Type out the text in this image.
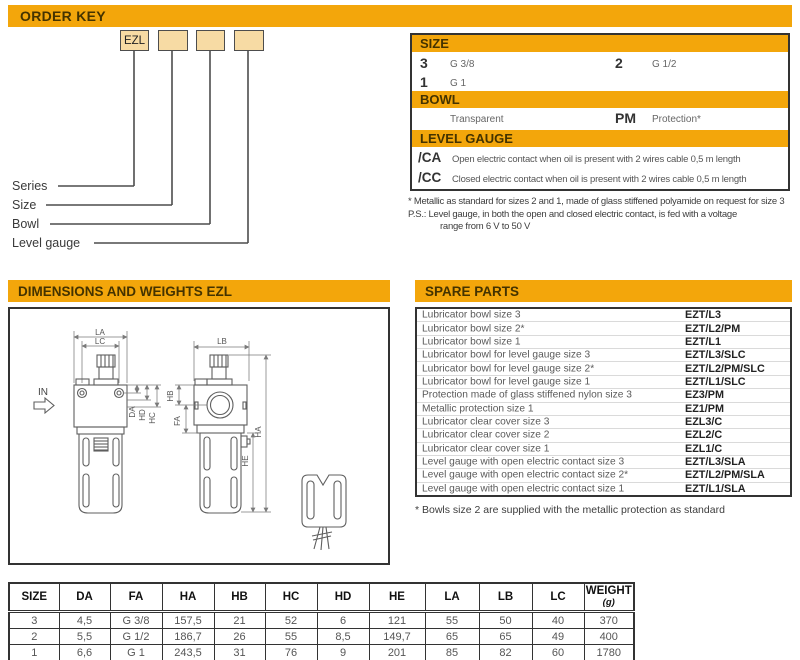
ORDER KEY
EZL
Series
Size
Bowl
Level gauge
SIZE
3 G 3/8	2	G 1/2
1 G 1
BOWL
Transparent	PM Protection*
LEVEL GAUGE
/CA Open electric contact when oil is present with 2 wires cable 0,5 m length
/CC Closed electric contact when oil is present with 2 wires cable 0,5 m length
* Metallic as standard for sizes 2 and 1, made of glass stiffened polyamide on request for size 3
P.S.: Level gauge, in both the open and closed electric contact, is fed with a voltage
range from 6 V to 50 V
DIMENSIONS AND WEIGHTS EZL	SPARE PARTS
LA
LC
IN
DA HD HC
LB
HB
FA
HE
HA
Lubricator bowl size 3	EZT/L3
Lubricator bowl size 2*	EZT/L2/PM
Lubricator bowl size 1	EZT/L1
Lubricator bowl for level gauge size 3	EZT/L3/SLC
Lubricator bowl for level gauge size 2*	EZT/L2/PM/SLC
Lubricator bowl for level gauge size 1	EZT/L1/SLC
Protection made of glass stiffened nylon size 3	EZ3/PM
Metallic protection size 1	EZ1/PM
Lubricator clear cover size 3	EZL3/C
Lubricator clear cover size 2	EZL2/C
Lubricator clear cover size 1	EZL1/C
Level gauge with open electric contact size 3	EZT/L3/SLA
Level gauge with open electric contact size 2*	EZT/L2/PM/SLA
Level gauge with open electric contact size 1	EZT/L1/SLA
* Bowls size 2 are supplied with the metallic protection as standard
SIZE	DA	FA	HA	HB	HC	HD	HE	LA	LB	LC	WEIGHT
(g)

3	4,5	G 3/8	157,5	21	52	6	121	55	50	40	370
2	5,5	G 1/2	186,7	26	55	8,5	149,7	65	65	49	400
1	6,6	G 1	243,5	31	76	9	201	85	82	60	1780
